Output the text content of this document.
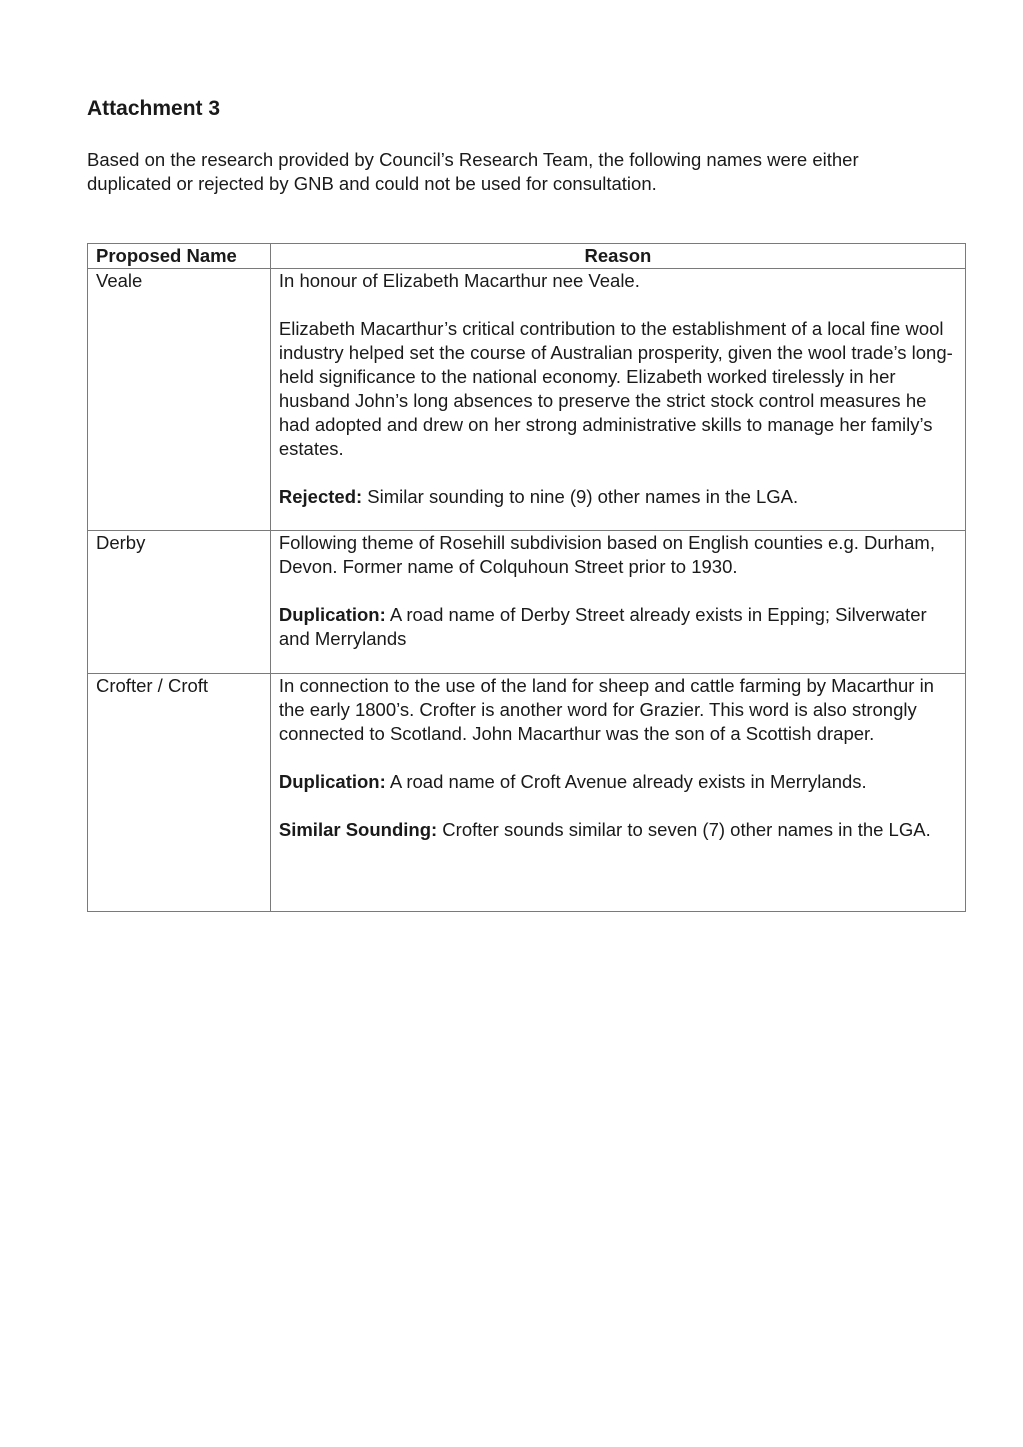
Attachment 3

Based on the research provided by Council’s Research Team, the following names were either duplicated or rejected by GNB and could not be used for consultation.

Proposed Name	Reason
Veale	In honour of Elizabeth Macarthur nee Veale.

Elizabeth Macarthur’s critical contribution to the establishment of a local fine wool industry helped set the course of Australian prosperity, given the wool trade’s long-held significance to the national economy. Elizabeth worked tirelessly in her husband John’s long absences to preserve the strict stock control measures he had adopted and drew on her strong administrative skills to manage her family’s estates.

Rejected: Similar sounding to nine (9) other names in the LGA.

Derby	Following theme of Rosehill subdivision based on English counties e.g. Durham, Devon. Former name of Colquhoun Street prior to 1930.

Duplication: A road name of Derby Street already exists in Epping; Silverwater and Merrylands

Crofter / Croft	In connection to the use of the land for sheep and cattle farming by Macarthur in the early 1800’s. Crofter is another word for Grazier. This word is also strongly connected to Scotland. John Macarthur was the son of a Scottish draper.

Duplication: A road name of Croft Avenue already exists in Merrylands.

Similar Sounding: Crofter sounds similar to seven (7) other names in the LGA.
